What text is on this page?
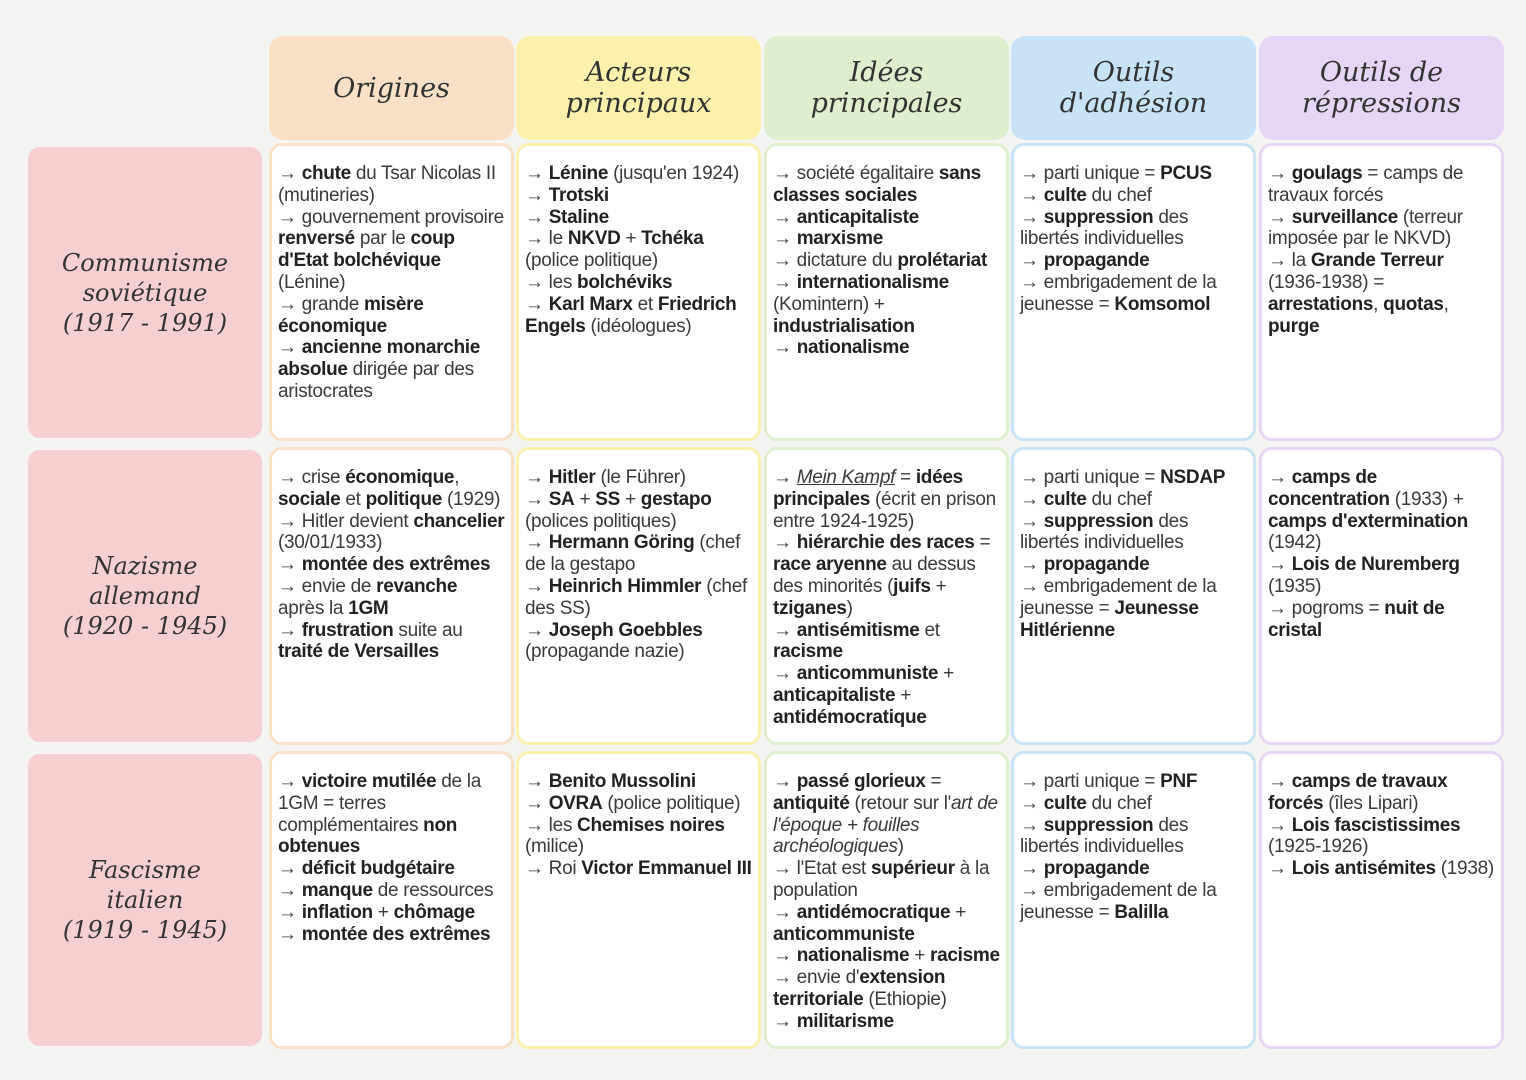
Origines	Acteurs principaux
Idées principales
Outils d'adhésion
Outils de répressions
Communisme
soviétique
(1917 - 1991)
Nazisme
allemand
(1920 - 1945)
Fascisme
italien
(1919 - 1945)
→ chute du Tsar Nicolas II (mutineries)
→ gouvernement provisoire renversé par le coup d'Etat bolchévique (Lénine)
→ grande misère économique
→ ancienne monarchie absolue dirigée par des aristocrates
→ Lénine (jusqu'en 1924)
→ Trotski
→ Staline
→ le NKVD + Tchéka (police politique)
→ les bolchéviks
→ Karl Marx et Friedrich Engels (idéologues)
→ société égalitaire sans classes sociales
→ anticapitaliste
→ marxisme
→ dictature du prolétariat
→ internationalisme (Komintern) + industrialisation
→ nationalisme
→ parti unique = PCUS
→ culte du chef
→ suppression des libertés individuelles
→ propagande
→ embrigadement de la jeunesse = Komsomol
→ goulags = camps de travaux forcés
→ surveillance (terreur imposée par le NKVD)
→ la Grande Terreur (1936-1938) = arrestations, quotas, purge
→ crise économique, sociale et politique (1929)
→ Hitler devient chancelier (30/01/1933)
→ montée des extrêmes
→ envie de revanche après la 1GM
→ frustration suite au traité de Versailles
→ Hitler (le Führer)
→ SA + SS + gestapo (polices politiques)
→ Hermann Göring (chef de la gestapo
→ Heinrich Himmler (chef des SS)
→ Joseph Goebbles (propagande nazie)
→ Mein Kampf = idées principales (écrit en prison entre 1924-1925)
→ hiérarchie des races = race aryenne au dessus des minorités (juifs + tziganes)
→ antisémitisme et racisme
→ anticommuniste + anticapitaliste + antidémocratique
→ parti unique = NSDAP
→ culte du chef
→ suppression des libertés individuelles
→ propagande
→ embrigadement de la jeunesse = Jeunesse Hitlérienne
→ camps de concentration (1933) + camps d'extermination (1942)
→ Lois de Nuremberg (1935)
→ pogroms = nuit de cristal
→ victoire mutilée de la 1GM = terres complémentaires non obtenues
→ déficit budgétaire
→ manque de ressources
→ inflation + chômage
→ montée des extrêmes
→ Benito Mussolini
→ OVRA (police politique)
→ les Chemises noires (milice)
→ Roi Victor Emmanuel III
→ passé glorieux = antiquité (retour sur l'art de l'époque + fouilles archéologiques)
→ l'Etat est supérieur à la population
→ antidémocratique + anticommuniste
→ nationalisme + racisme
→ envie d'extension territoriale (Ethiopie)
→ militarisme
→ parti unique = PNF
→ culte du chef
→ suppression des libertés individuelles
→ propagande
→ embrigadement de la jeunesse = Balilla
→ camps de travaux forcés (îles Lipari)
→ Lois fascistissimes (1925-1926)
→ Lois antisémites (1938)
